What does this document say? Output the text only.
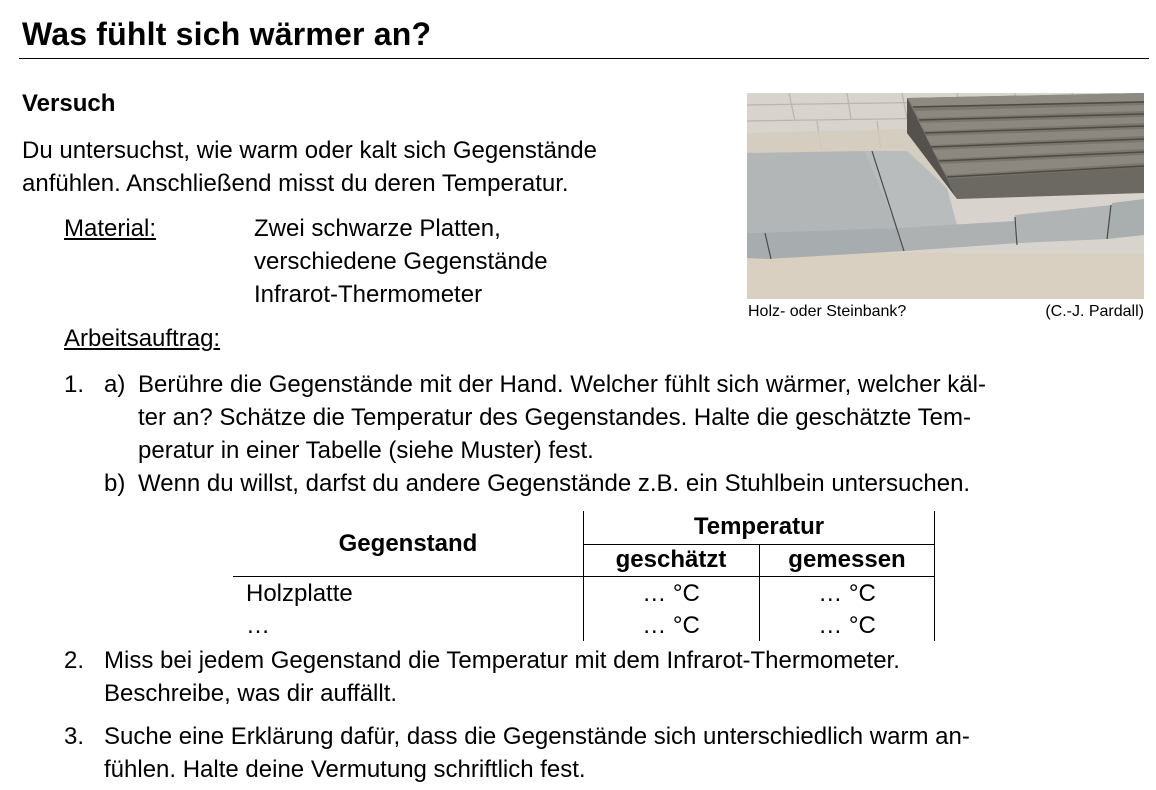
Was fühlt sich wärmer an?
Versuch
Du untersuchst, wie warm oder kalt sich Gegenstände
anfühlen. Anschließend misst du deren Temperatur.
Material:	Zwei schwarze Platten,
verschiedene Gegenstände
Infrarot-Thermometer
Arbeitsauftrag:
Holz- oder Steinbank?	(C.-J. Pardall)
1. a) Berühre die Gegenstände mit der Hand. Welcher fühlt sich wärmer, welcher käl-
ter an? Schätze die Temperatur des Gegenstandes. Halte die geschätzte Tem-
peratur in einer Tabelle (siehe Muster) fest.
b) Wenn du willst, darfst du andere Gegenstände z.B. ein Stuhlbein untersuchen.
Gegenstand
Temperatur
geschätzt	gemessen
Holzplatte	… °C	… °C
…	… °C	… °C
2. Miss bei jedem Gegenstand die Temperatur mit dem Infrarot-Thermometer.
Beschreibe, was dir auffällt.
3. Suche eine Erklärung dafür, dass die Gegenstände sich unterschiedlich warm an-
fühlen. Halte deine Vermutung schriftlich fest.
